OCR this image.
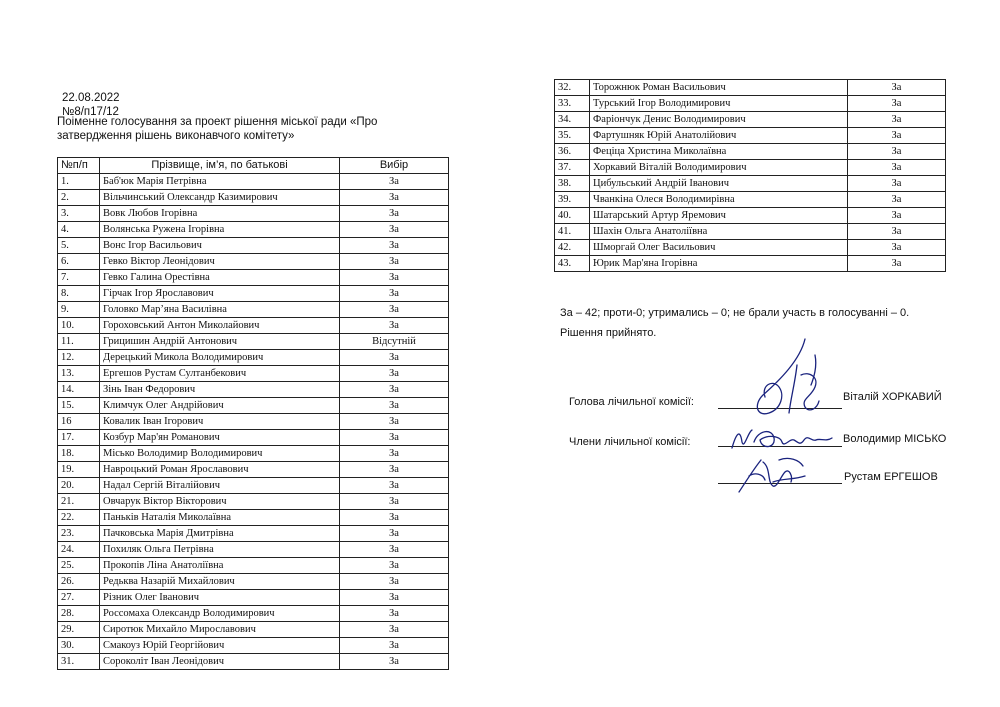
22.08.2022
№8/п17/12
Поіменне голосування за проект рішення міської ради «Про затвердження рішень виконавчого комітету»
№п/п	Прізвище, ім’я, по батькові	Вибір
1.	Баб'юк Марія Петрівна	За
2.	Вільчинський Олександр Казимирович	За
3.	Вовк Любов Ігорівна	За
4.	Волянська Ружена Ігорівна	За
5.	Вонс Ігор Васильович	За
6.	Гевко Віктор Леонідович	За
7.	Гевко Галина Орестівна	За
8.	Гірчак Ігор Ярославович	За
9.	Головко Мар’яна Василівна	За
10.	Гороховський Антон Миколайович	За
11.	Грицишин Андрій Антонович	Відсутній
12.	Дерецький Микола Володимирович	За
13.	Ергешов Рустам Султанбекович	За
14.	Зінь Іван Федорович	За
15.	Климчук Олег Андрійович	За
16	Ковалик Іван Ігорович	За
17.	Козбур Мар'ян Романович	За
18.	Місько Володимир Володимирович	За
19.	Навроцький Роман Ярославович	За
20.	Надал Сергій Віталійович	За
21.	Овчарук Віктор Вікторович	За
22.	Паньків Наталія Миколаївна	За
23.	Пачковська Марія Дмитрівна	За
24.	Похиляк Ольга Петрівна	За
25.	Прокопів Ліна Анатоліївна	За
26.	Редьква Назарій Михайлович	За
27.	Різник Олег Іванович	За
28.	Россомаха Олександр Володимирович	За
29.	Сиротюк Михайло Мирославович	За
30.	Смакоуз Юрій Георгійович	За
31.	Сороколіт Іван Леонідович	За
32.	Торожнюк Роман Васильович	За
33.	Турський Ігор Володимирович	За
34.	Фаріончук Денис Володимирович	За
35.	Фартушняк Юрій Анатолійович	За
36.	Феціца Христина Миколаївна	За
37.	Хоркавий Віталій Володимирович	За
38.	Цибульський Андрій Іванович	За
39.	Чванкіна Олеся Володимирівна	За
40.	Шатарський Артур Яремович	За
41.	Шахін Ольга Анатоліївна	За
42.	Шморгай Олег Васильович	За
43.	Юрик Мар'яна Ігорівна	За
За – 42; проти-0; утримались – 0; не брали участь в голосуванні – 0.
Рішення прийнято.
Голова лічильної комісії:	Віталій ХОРКАВИЙ
Члени лічильної комісії:	Володимир МІСЬКО
Рустам ЕРГЕШОВ
